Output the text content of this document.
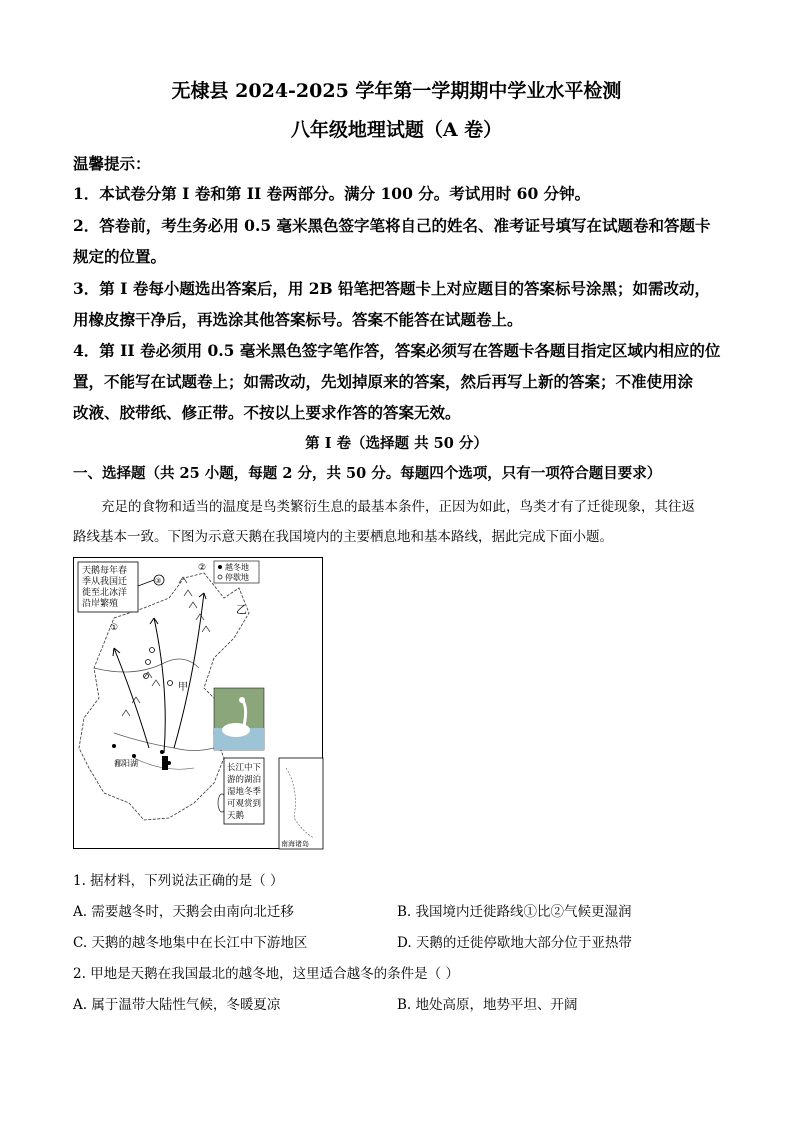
无棣县 2024-2025 学年第一学期期中学业水平检测
八年级地理试题（A 卷）
温馨提示：
1．本试卷分第 I 卷和第 II 卷两部分。满分 100 分。考试用时 60 分钟。
2．答卷前，考生务必用 0.5 毫米黑色签字笔将自己的姓名、准考证号填写在试题卷和答题卡
规定的位置。
3．第 I 卷每小题选出答案后，用 2B 铅笔把答题卡上对应题目的答案标号涂黑；如需改动，
用橡皮擦干净后，再选涂其他答案标号。答案不能答在试题卷上。
4．第 II 卷必须用 0.5 毫米黑色签字笔作答，答案必须写在答题卡各题目指定区域内相应的位
置，不能写在试题卷上；如需改动，先划掉原来的答案，然后再写上新的答案；不准使用涂
改液、胶带纸、修正带。不按以上要求作答的答案无效。
第 I 卷（选择题 共 50 分）
一、选择题（共 25 小题，每题 2 分，共 50 分。每题四个选项，只有一项符合题目要求）
充足的食物和适当的温度是鸟类繁衍生息的最基本条件，正因为如此，鸟类才有了迁徙现象，其往返
路线基本一致。下图为示意天鹅在我国境内的主要栖息地和基本路线，据此完成下面小题。
天鹅每年春
季从我国迁
徙至北冰洋
沿岸繁殖
③
越冬地
停歇地
①
②
乙
甲
鄱阳湖	长江中下
游的湖泊
湿地冬季
可观赏到
天鹅
南海诸岛
1. 据材料，下列说法正确的是（ ）
A. 需要越冬时，天鹅会由南向北迁移	B. 我国境内迁徙路线①比②气候更湿润
C. 天鹅的越冬地集中在长江中下游地区	D. 天鹅的迁徙停歇地大部分位于亚热带
2. 甲地是天鹅在我国最北的越冬地，这里适合越冬的条件是（ ）
A. 属于温带大陆性气候，冬暖夏凉	B. 地处高原，地势平坦、开阔
